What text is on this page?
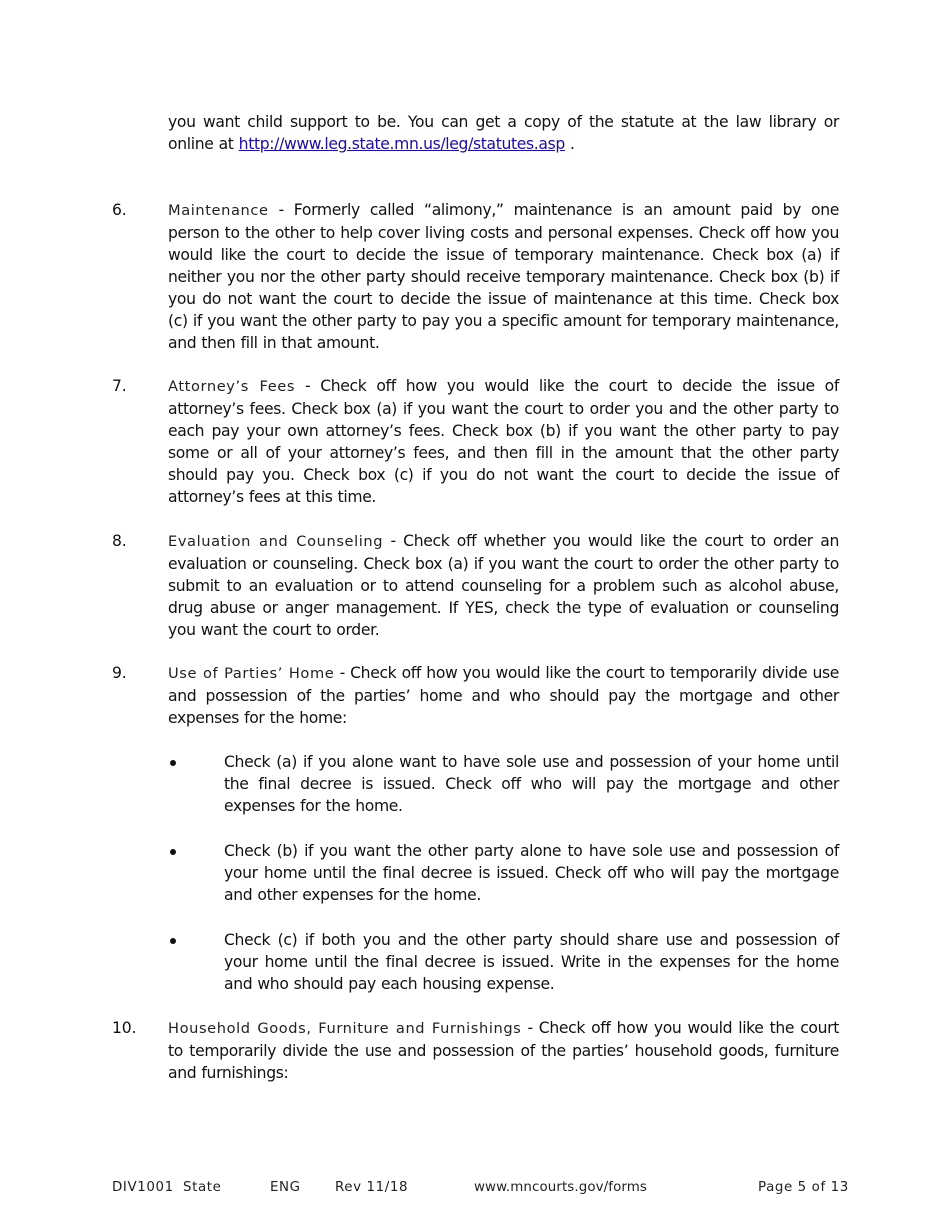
you want child support to be. You can get a copy of the statute at the law library or online at http://www.leg.state.mn.us/leg/statutes.asp .
6.	Maintenance - Formerly called “alimony,” maintenance is an amount paid by one person to the other to help cover living costs and personal expenses. Check off how you would like the court to decide the issue of temporary maintenance. Check box (a) if neither you nor the other party should receive temporary maintenance. Check box (b) if you do not want the court to decide the issue of maintenance at this time. Check box (c) if you want the other party to pay you a specific amount for temporary maintenance, and then fill in that amount.
7.	Attorney’s Fees - Check off how you would like the court to decide the issue of attorney’s fees. Check box (a) if you want the court to order you and the other party to each pay your own attorney’s fees. Check box (b) if you want the other party to pay some or all of your attorney’s fees, and then fill in the amount that the other party should pay you. Check box (c) if you do not want the court to decide the issue of attorney’s fees at this time.
8.	Evaluation and Counseling - Check off whether you would like the court to order an evaluation or counseling. Check box (a) if you want the court to order the other party to submit to an evaluation or to attend counseling for a problem such as alcohol abuse, drug abuse or anger management. If YES, check the type of evaluation or counseling you want the court to order.
9.	Use of Parties’ Home - Check off how you would like the court to temporarily divide use and possession of the parties’ home and who should pay the mortgage and other expenses for the home:
Check (a) if you alone want to have sole use and possession of your home until the final decree is issued. Check off who will pay the mortgage and other expenses for the home.
Check (b) if you want the other party alone to have sole use and possession of your home until the final decree is issued. Check off who will pay the mortgage and other expenses for the home.
Check (c) if both you and the other party should share use and possession of your home until the final decree is issued. Write in the expenses for the home and who should pay each housing expense.
10. Household Goods, Furniture and Furnishings - Check off how you would like the court to temporarily divide the use and possession of the parties’ household goods, furniture and furnishings:
DIV1001 State	ENG	Rev 11/18	www.mncourts.gov/forms	Page 5 of 13
